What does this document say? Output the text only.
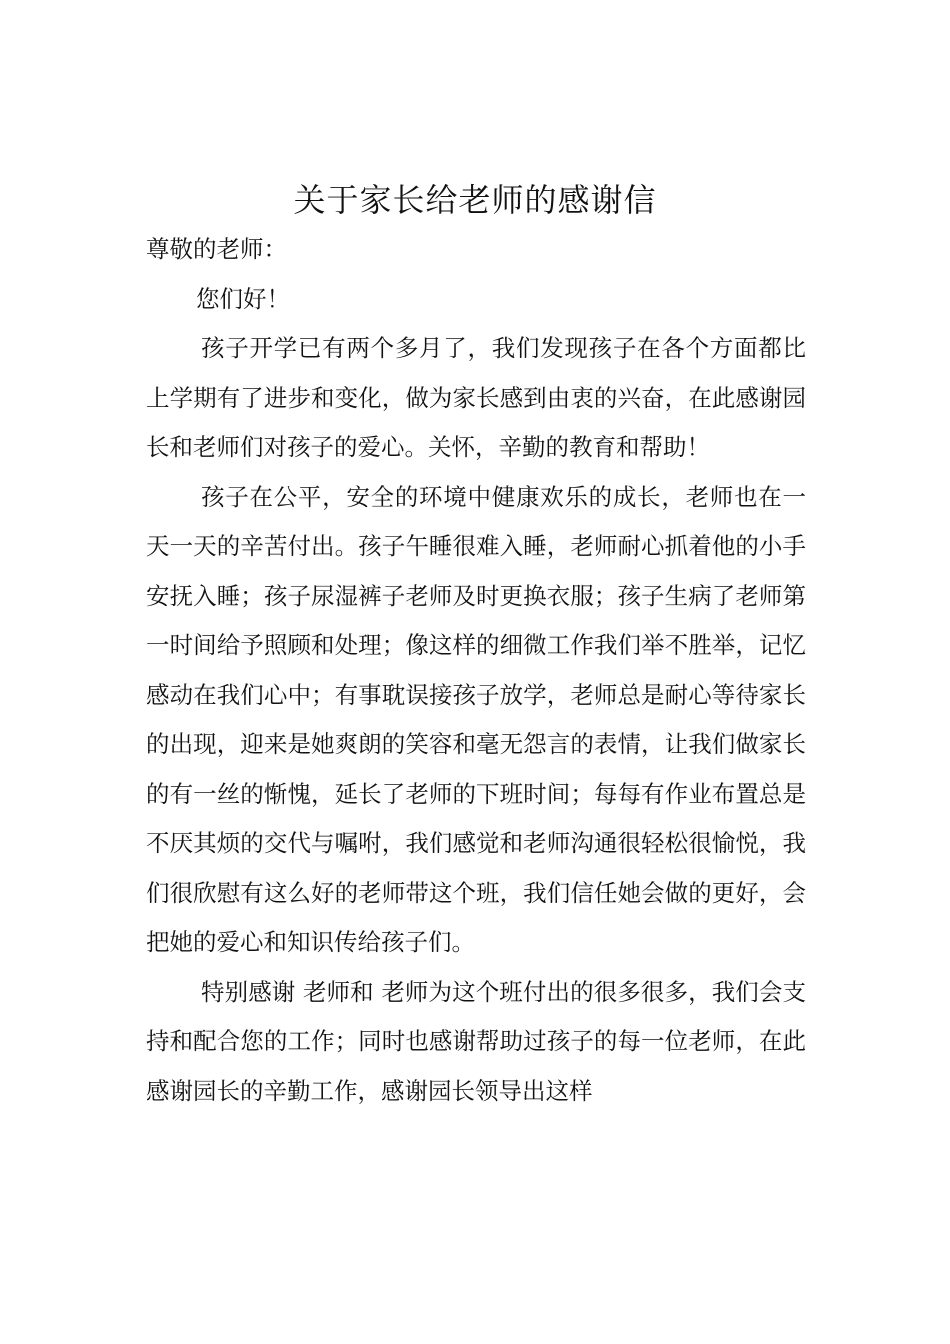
关于家长给老师的感谢信

尊敬的老师：

您们好！

孩子开学已有两个多月了，我们发现孩子在各个方面都比上学期有了进步和变化，做为家长感到由衷的兴奋，在此感谢园长和老师们对孩子的爱心。关怀，辛勤的教育和帮助！

孩子在公平，安全的环境中健康欢乐的成长，老师也在一天一天的辛苦付出。孩子午睡很难入睡，老师耐心抓着他的小手安抚入睡；孩子尿湿裤子老师及时更换衣服；孩子生病了老师第一时间给予照顾和处理；像这样的细微工作我们举不胜举，记忆感动在我们心中；有事耽误接孩子放学，老师总是耐心等待家长的出现，迎来是她爽朗的笑容和毫无怨言的表情，让我们做家长的有一丝的惭愧，延长了老师的下班时间；每每有作业布置总是不厌其烦的交代与嘱咐，我们感觉和老师沟通很轻松很愉悦，我们很欣慰有这么好的老师带这个班，我们信任她会做的更好，会把她的爱心和知识传给孩子们。

特别感谢 老师和 老师为这个班付出的很多很多，我们会支持和配合您的工作；同时也感谢帮助过孩子的每一位老师，在此感谢园长的辛勤工作，感谢园长领导出这样
